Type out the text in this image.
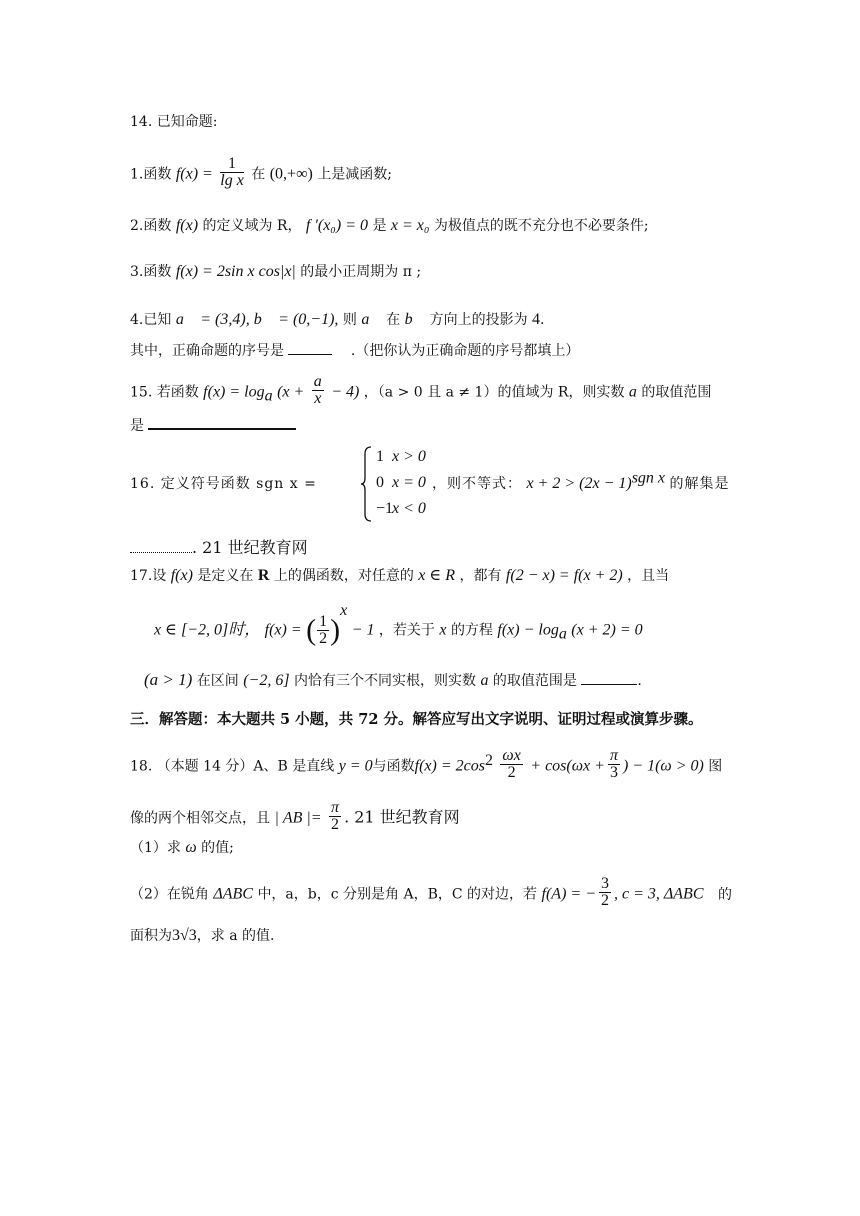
14. 已知命题:
1.函数 $f(x) = \frac{1}{\text{lg x}}$ 在 (0,+∞) 上是减函数;
2.函数 f(x) 的定义域为 R， f ′(x₀) = 0 是 x = x₀ 为极值点的既不充分也不必要条件;
3.函数 f(x) = 2sin x cos|x| 的最小正周期为 π ;
4.已知 a⃗ = (3,4), b⃗ = (0,−1), 则 a⃗ 在 b⃗ 方向上的投影为 4.
其中，正确命题的序号是	.（把你认为正确命题的序号都填上）
15. 若函数 $f(x) = \log_a (x + \frac{a}{x} - 4)$ ，（a > 0 且 a ≠ 1）的值域为 R，则实数 a 的取值范围
是
16. 定义符号函数 sgn x =
1 x > 0
0 x = 0
−1
x < 0
，则不等式： $x + 2 > (2x - 1)^{sgn x}$ 的解集是
. 21 世纪教育网
17.设 f(x) 是定义在 R 上的偶函数，对任意的 x ∈ R ，都有 f(2 − x) = f(x + 2) ，且当
x ∈ [−2, 0]时， f(x) = ( $\frac{1}{2} )^x - 1$ ，若关于 x 的方程 $f(x) - \log_a (x + 2) = 0$
(a > 1) 在区间 (−2, 6] 内恰有三个不同实根，则实数 a 的取值范围是	.
三．解答题：本大题共 5 小题，共 72 分。解答应写出文字说明、证明过程或演算步骤。
18. （本题 14 分）A、B 是直线 y = 0与函数$f(x) = 2\cos^2 \frac{\omega x}{2} + \cos(\omega x + \frac{\pi}{3}$ ) − 1(ω > 0) 图
像的两个相邻交点，且 | AB |= $\frac{\pi}{2}$ . 21 世纪教育网
（1）求 ω 的值;
（2）在锐角 ΔABC 中，a，b，c 分别是角 A，B，C 的对边，若 f(A) = − $\frac{3}{2}$ , c = 3, ΔABC 的
面积为3√3，求 a 的值.
